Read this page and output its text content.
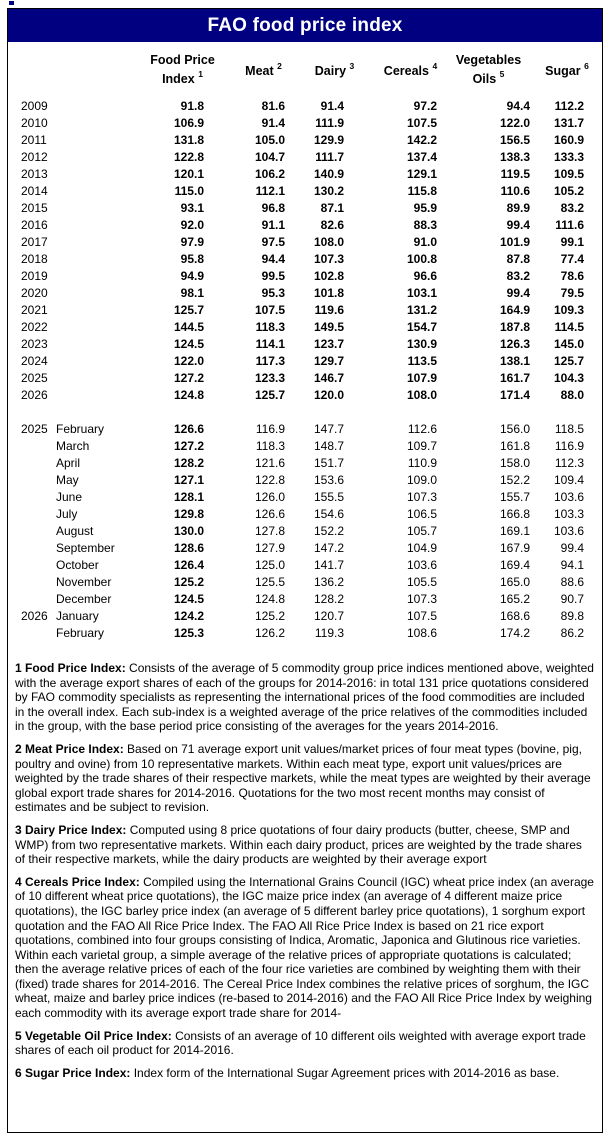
FAO food price index
		Food Price
Index $^1$	Meat $^2$	Dairy $^3$	Cereals $^4$	Vegetables
Oils $^5$	Sugar $^6$	
2009		91.8	81.6	91.4	97.2	94.4	112.2	
2010		106.9	91.4	111.9	107.5	122.0	131.7	
2011		131.8	105.0	129.9	142.2	156.5	160.9	
2012		122.8	104.7	111.7	137.4	138.3	133.3	
2013		120.1	106.2	140.9	129.1	119.5	109.5	
2014		115.0	112.1	130.2	115.8	110.6	105.2	
2015		93.1	96.8	87.1	95.9	89.9	83.2	
2016		92.0	91.1	82.6	88.3	99.4	111.6	
2017		97.9	97.5	108.0	91.0	101.9	99.1	
2018		95.8	94.4	107.3	100.8	87.8	77.4	
2019		94.9	99.5	102.8	96.6	83.2	78.6	
2020		98.1	95.3	101.8	103.1	99.4	79.5	
2021		125.7	107.5	119.6	131.2	164.9	109.3	
2022		144.5	118.3	149.5	154.7	187.8	114.5	
2023		124.5	114.1	123.7	130.9	126.3	145.0	
2024		122.0	117.3	129.7	113.5	138.1	125.7	
2025		127.2	123.3	146.7	107.9	161.7	104.3	
2026		124.8	125.7	120.0	108.0	171.4	88.0	

2025	February	126.6	116.9	147.7	112.6	156.0	118.5	
	March	127.2	118.3	148.7	109.7	161.8	116.9	
	April	128.2	121.6	151.7	110.9	158.0	112.3	
	May	127.1	122.8	153.6	109.0	152.2	109.4	
	June	128.1	126.0	155.5	107.3	155.7	103.6	
	July	129.8	126.6	154.6	106.5	166.8	103.3	
	August	130.0	127.8	152.2	105.7	169.1	103.6	
	September	128.6	127.9	147.2	104.9	167.9	99.4	
	October	126.4	125.0	141.7	103.6	169.4	94.1	
	November	125.2	125.5	136.2	105.5	165.0	88.6	
	December	124.5	124.8	128.2	107.3	165.2	90.7	
2026	January	124.2	125.2	120.7	107.5	168.6	89.8	
	February	125.3	126.2	119.3	108.6	174.2	86.2	

1 Food Price Index: Consists of the average of 5 commodity group price indices mentioned above, weighted with the average export shares of each of the groups for 2014-2016: in total 131 price quotations considered by FAO commodity specialists as representing the international prices of the food commodities are included in the overall index. Each sub-index is a weighted average of the price relatives of the commodities included in the group, with the base period price consisting of the averages for the years 2014-2016.

2 Meat Price Index: Based on 71 average export unit values/market prices of four meat types (bovine, pig, poultry and ovine) from 10 representative markets. Within each meat type, export unit values/prices are weighted by the trade shares of their respective markets, while the meat types are weighted by their average global export trade shares for 2014-2016. Quotations for the two most recent months may consist of estimates and be subject to revision.

3 Dairy Price Index: Computed using 8 price quotations of four dairy products (butter, cheese, SMP and WMP) from two representative markets. Within each dairy product, prices are weighted by the trade shares of their respective markets, while the dairy products are weighted by their average export

4 Cereals Price Index: Compiled using the International Grains Council (IGC) wheat price index (an average of 10 different wheat price quotations), the IGC maize price index (an average of 4 different maize price quotations), the IGC barley price index (an average of 5 different barley price quotations), 1 sorghum export quotation and the FAO All Rice Price Index. The FAO All Rice Price Index is based on 21 rice export quotations, combined into four groups consisting of Indica, Aromatic, Japonica and Glutinous rice varieties. Within each varietal group, a simple average of the relative prices of appropriate quotations is calculated; then the average relative prices of each of the four rice varieties are combined by weighting them with their (fixed) trade shares for 2014-2016. The Cereal Price Index combines the relative prices of sorghum, the IGC wheat, maize and barley price indices (re-based to 2014-2016) and the FAO All Rice Price Index by weighing each commodity with its average export trade share for 2014-

5 Vegetable Oil Price Index: Consists of an average of 10 different oils weighted with average export trade shares of each oil product for 2014-2016.

6 Sugar Price Index: Index form of the International Sugar Agreement prices with 2014-2016 as base.
